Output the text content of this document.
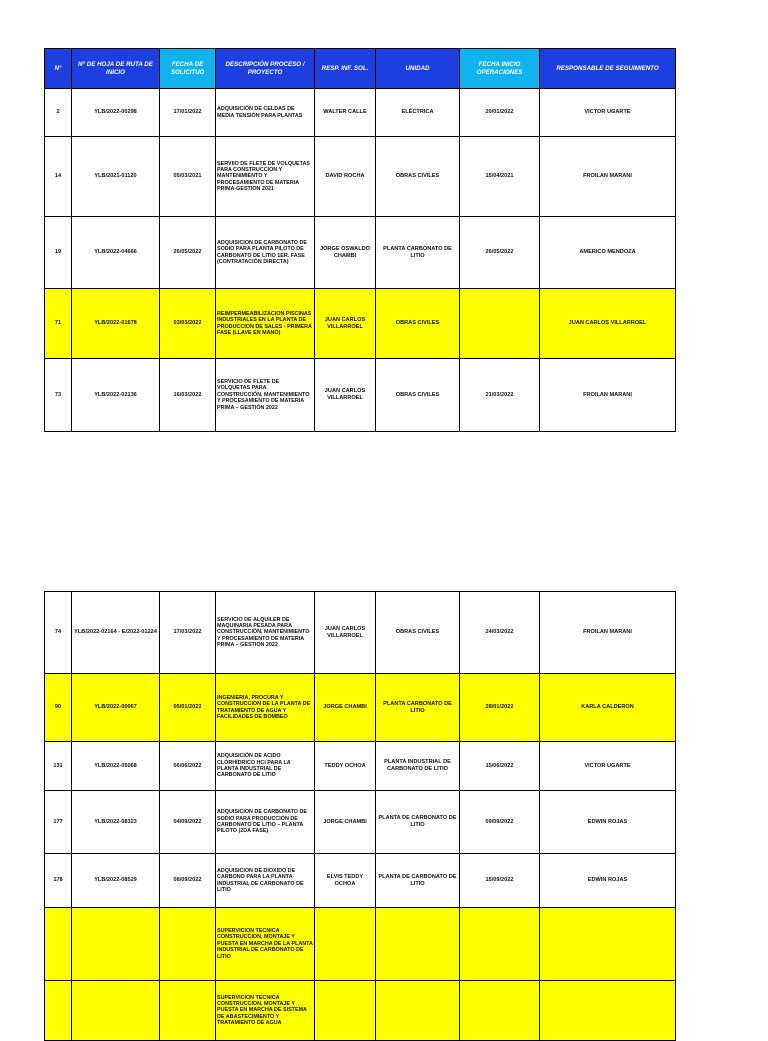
N°	N° DE HOJA DE RUTA DE INICIO	FECHA DE SOLICITUD	DESCRIPCIÓN PROCESO / PROYECTO	RESP. INF. SOL.	UNIDAD	FECHA INICIO OPERACIONES	RESPONSABLE DE SEGUIMIENTO
2	YLB/2022-00298	17/01/2022	ADQUISICIÓN DE CELDAS DE MEDIA TENSIÓN PARA PLANTAS	WALTER CALLE	ELÉCTRICA	20/01/2022	VICTOR UGARTE
14	YLB/2021-01120	05/03/2021	SERVIIO DE FLETE DE VOLQUETAS PARA CONSTRUCCION Y MANTENIMIENTO Y PROCESAMIENTO DE MATERIA PRIMA-GESTION 2021	DAVID ROCHA	OBRAS CIVILES	15/04/2021	FROILAN MARANI
19	YLB/2022-04666	26/05/2022	ADQUISICION DE CARBONATO DE SODIO PARA PLANTA PILOTO DE CARBONATO DE LITIO 1ER. FASE (CONTRATACIÓN DIRECTA)	JORGE OSWALDO CHAMBI	PLANTA CARBONATO DE LITIO	26/05/2022	AMERICO MENDOZA
71	YLB/2022-01678	03/03/2022	REIMPERMEABILIZACION PISCINAS INDUSTRIALES EN LA PLANTA DE PRODUCCION DE SALES - PRIMERA FASE (LLAVE EN MANO)	JUAN CARLOS VILLARROEL	OBRAS CIVILES		JUAN CARLOS VILLARROEL
73	YLB/2022-02136	16/03/2022	SERVICIO DE FLETE DE VOLQUETAS PARA CONSTRUCCIÓN, MANTENIMIENTO Y PROCESAMIENTO DE MATERIA PRIMA – GESTIÓN 2022	JUAN CARLOS VILLARROEL	OBRAS CIVILES	21/03/2022	FROILAN MARANI
74	YLB/2022-02164 - E/2022-01224	17/03/2022	SERVICIO DE ALQUILER DE MAQUINARIA PESADA PARA CONSTRUCCIÓN, MANTENIMIENTO Y PROCESAMIENTO DE MATERIA PRIMA – GESTION 2022	JUAN CARLOS VILLARROEL	OBRAS CIVILES	24/03/2022	FROILAN MARANI
90	YLB/2022-00067	05/01/2022	INGENIERIA, PROCURA Y CONSTRUCCION DE LA PLANTA DE TRATAMIENTO DE AGUA Y FACILIDADES DE BOMBEO	JORGE CHAMBI	PLANTA CARBONATO DE LITIO	28/01/2022	KARLA CALDERON
131	YLB/2022-05068	06/06/2022	ADQUISICIÓN DE ACIDO CLORHÍDRICO HCl PARA LA PLANTA INDUSTRIAL DE CARBONATO DE LITIO	TEDDY OCHOA	PLANTA INDUSTRIAL DE CARBONATO DE LITIO	15/06/2022	VICTOR UGARTE
177	YLB/2022-08323	04/09/2022	ADQUISICION DE CARBONATO DE SODIO PARA PRODUCCIÓN DE CARBONATO DE LITIO – PLANTA PILOTO (2DA FASE)	JORGE CHAMBI	PLANTA DE CARBONATO DE LITIO	09/09/2022	EDWIN ROJAS
178	YLB/2022-08529	08/09/2022	ADQUISICION DE DIOXIDO DE CARBONO PARA LA PLANTA INDUSTRIAL DE CARBONATO DE LITIO	ELVIS TEDDY OCHOA	PLANTA DE CARBONATO DE LITIO	15/09/2022	EDWIN ROJAS
			SUPERVICION TECNICA CONSTRUCCION, MONTAJE Y PUESTA EN MARCHA DE LA PLANTA INDUSTRIAL DE CARBONATO DE LITIO				
			SUPERVICION TECNICA CONSTRUCCION, MONTAJE Y PUESTA EN MARCHA DE SISTEMA DE ABASTECIMIENTO Y TRATAMIENTO DE AGUA				
